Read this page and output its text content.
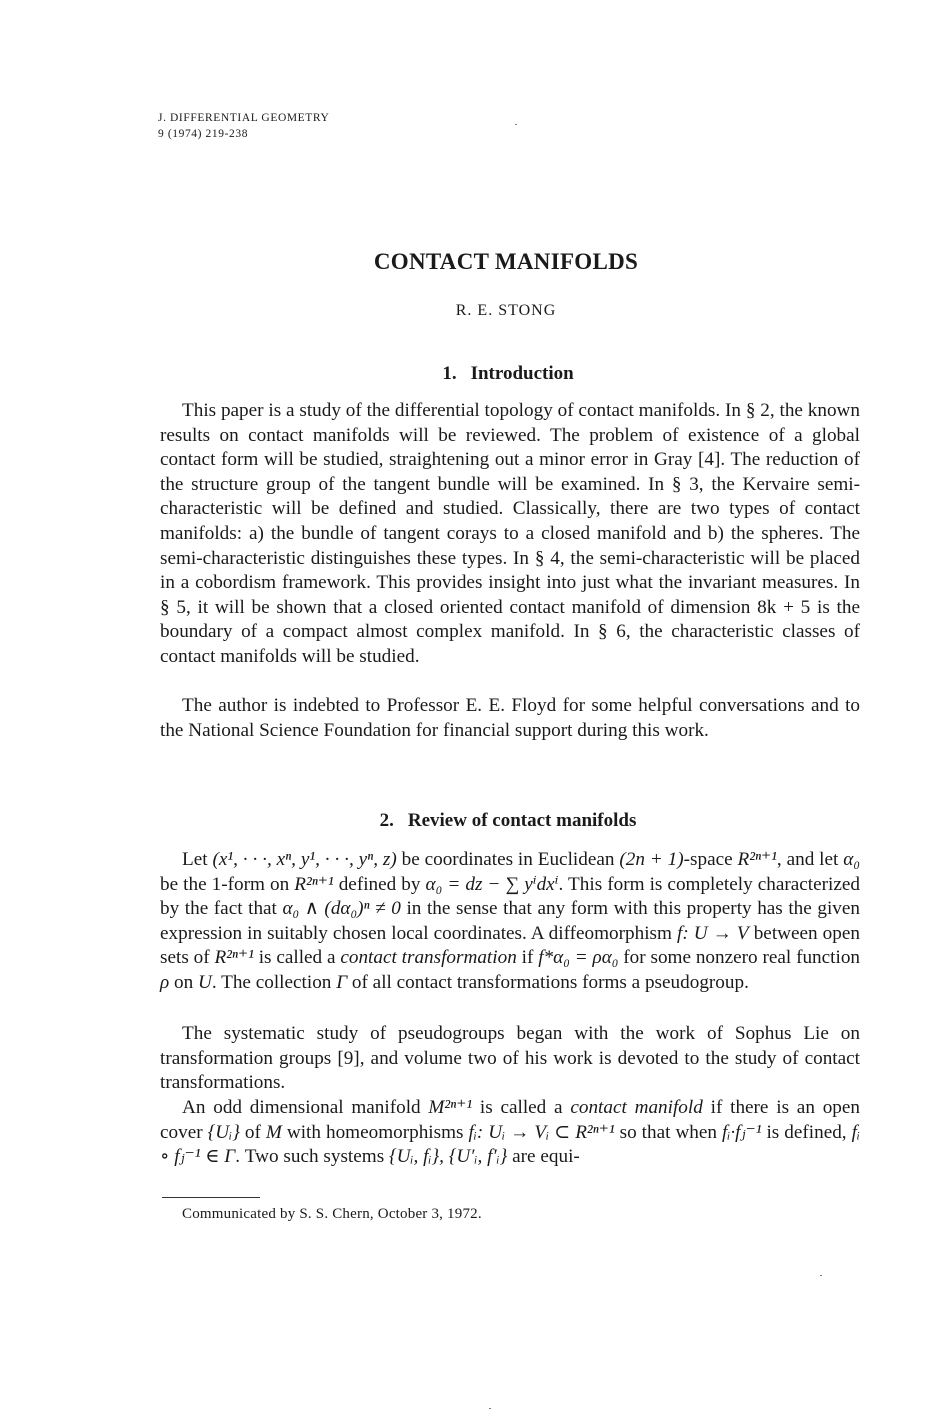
J. DIFFERENTIAL GEOMETRY
9 (1974) 219-238
CONTACT MANIFOLDS
R. E. STONG
1. Introduction

This paper is a study of the differential topology of contact manifolds. In § 2, the known results on contact manifolds will be reviewed. The problem of existence of a global contact form will be studied, straightening out a minor error in Gray [4]. The reduction of the structure group of the tangent bundle will be examined. In § 3, the Kervaire semi-characteristic will be defined and studied. Classically, there are two types of contact manifolds: a) the bundle of tangent corays to a closed manifold and b) the spheres. The semi-characteristic distinguishes these types. In § 4, the semi-characteristic will be placed in a cobordism framework. This provides insight into just what the invariant measures. In § 5, it will be shown that a closed oriented contact manifold of dimension 8k + 5 is the boundary of a compact almost complex manifold. In § 6, the characteristic classes of contact manifolds will be studied.

The author is indebted to Professor E. E. Floyd for some helpful conversations and to the National Science Foundation for financial support during this work.

2. Review of contact manifolds

Let (x¹, · · ·, xⁿ, y¹, · · ·, yⁿ, z) be coordinates in Euclidean (2n + 1)-space R²ⁿ⁺¹, and let α₀ be the 1-form on R²ⁿ⁺¹ defined by α₀ = dz − ∑ yⁱdxⁱ. This form is completely characterized by the fact that α₀ ∧ (dα₀)ⁿ ≠ 0 in the sense that any form with this property has the given expression in suitably chosen local coordinates. A diffeomorphism f: U → V between open sets of R²ⁿ⁺¹ is called a contact transformation if f*α₀ = ρα₀ for some nonzero real function ρ on U. The collection Γ of all contact transformations forms a pseudogroup.

The systematic study of pseudogroups began with the work of Sophus Lie on transformation groups [9], and volume two of his work is devoted to the study of contact transformations.

An odd dimensional manifold M²ⁿ⁺¹ is called a contact manifold if there is an open cover {Uᵢ} of M with homeomorphisms fᵢ: Uᵢ → Vᵢ ⊂ R²ⁿ⁺¹ so that when fᵢ·fⱼ⁻¹ is defined, fᵢ ∘ fⱼ⁻¹ ∈ Γ. Two such systems {Uᵢ, fᵢ}, {U′ᵢ, f′ᵢ} are equi-

Communicated by S. S. Chern, October 3, 1972.
